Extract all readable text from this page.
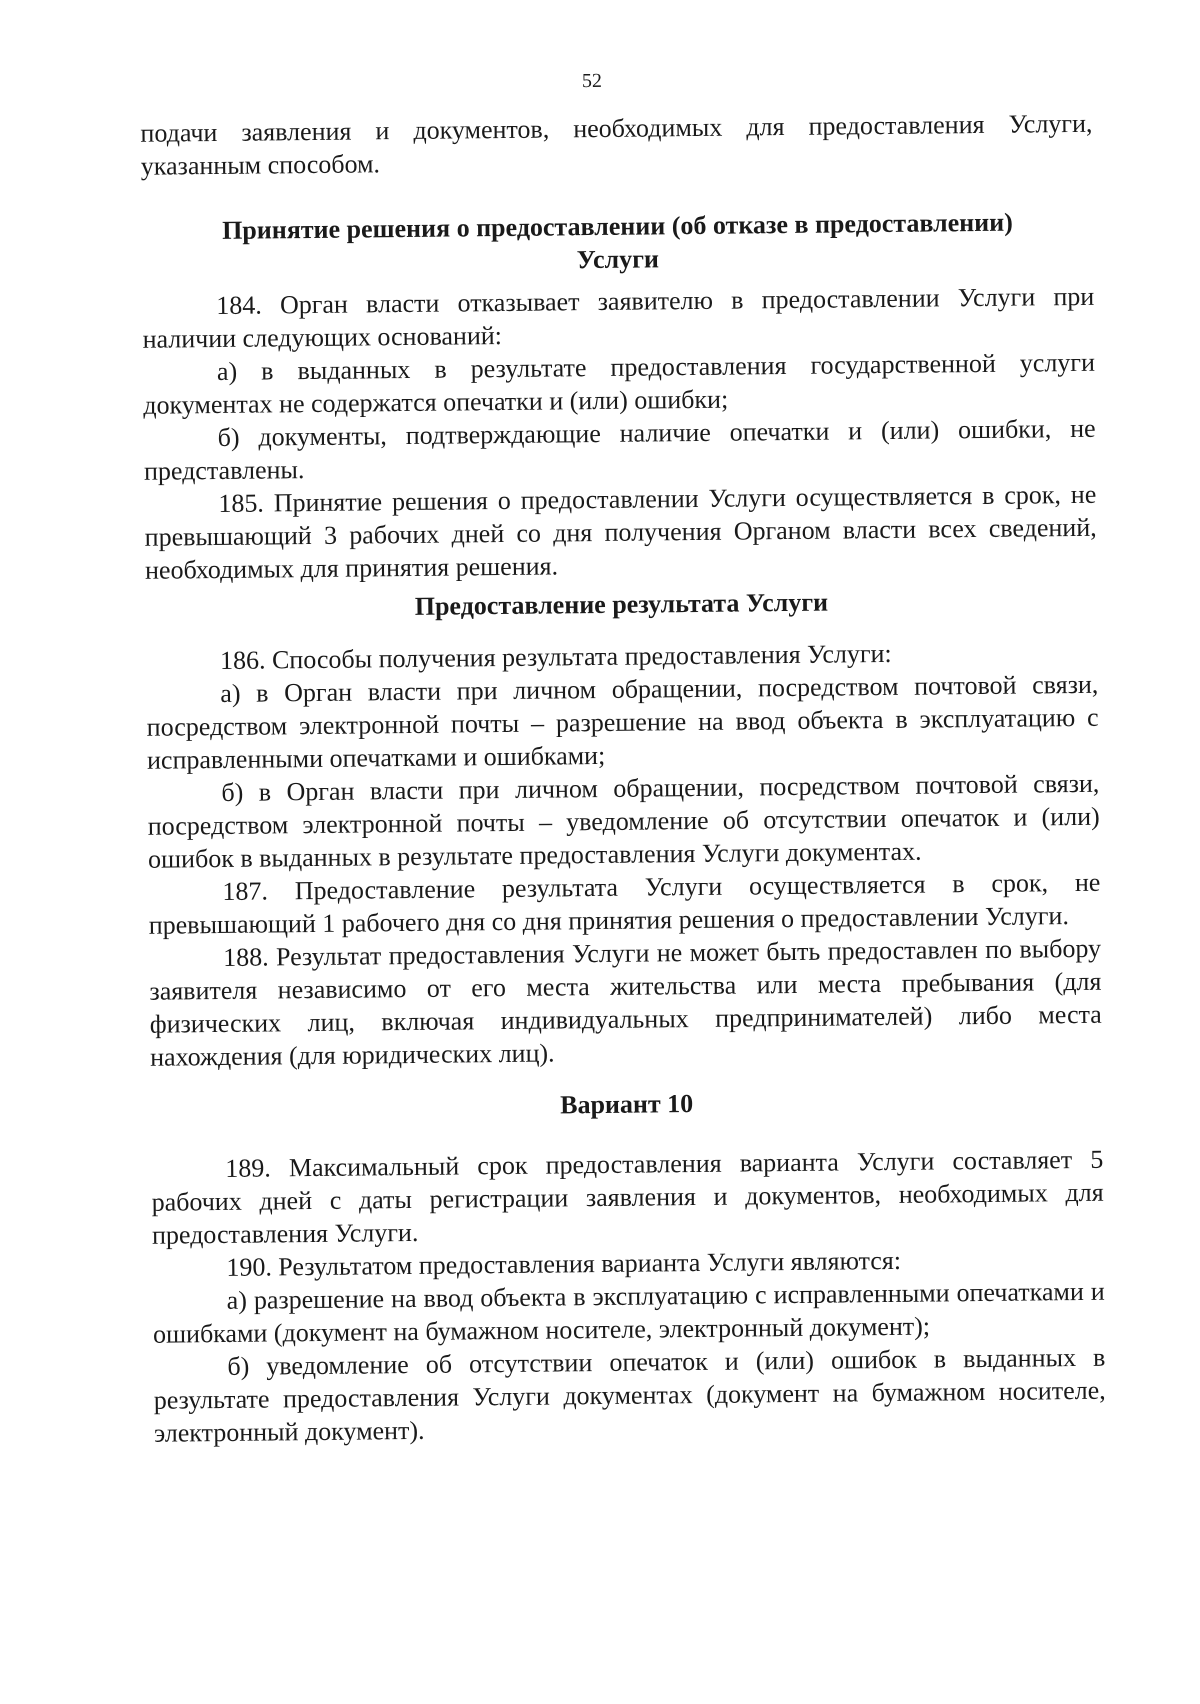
52

подачи заявления и документов, необходимых для предоставления Услуги, указанным способом.

Принятие решения о предоставлении (об отказе в предоставлении)
Услуги

184. Орган власти отказывает заявителю в предоставлении Услуги при наличии следующих оснований:

а) в выданных в результате предоставления государственной услуги документах не содержатся опечатки и (или) ошибки;

б) документы, подтверждающие наличие опечатки и (или) ошибки, не представлены.

185. Принятие решения о предоставлении Услуги осуществляется в срок, не превышающий 3 рабочих дней со дня получения Органом власти всех сведений, необходимых для принятия решения.

Предоставление результата Услуги

186. Способы получения результата предоставления Услуги:

а) в Орган власти при личном обращении, посредством почтовой связи, посредством электронной почты – разрешение на ввод объекта в эксплуатацию с исправленными опечатками и ошибками;

б) в Орган власти при личном обращении, посредством почтовой связи, посредством электронной почты – уведомление об отсутствии опечаток и (или) ошибок в выданных в результате предоставления Услуги документах.

187. Предоставление результата Услуги осуществляется в срок, не превышающий 1 рабочего дня со дня принятия решения о предоставлении Услуги.

188. Результат предоставления Услуги не может быть предоставлен по выбору заявителя независимо от его места жительства или места пребывания (для физических лиц, включая индивидуальных предпринимателей) либо места нахождения (для юридических лиц).

Вариант 10

189. Максимальный срок предоставления варианта Услуги составляет 5 рабочих дней с даты регистрации заявления и документов, необходимых для предоставления Услуги.

190. Результатом предоставления варианта Услуги являются:

а) разрешение на ввод объекта в эксплуатацию с исправленными опечатками и ошибками (документ на бумажном носителе, электронный документ);

б) уведомление об отсутствии опечаток и (или) ошибок в выданных в результате предоставления Услуги документах (документ на бумажном носителе, электронный документ).
